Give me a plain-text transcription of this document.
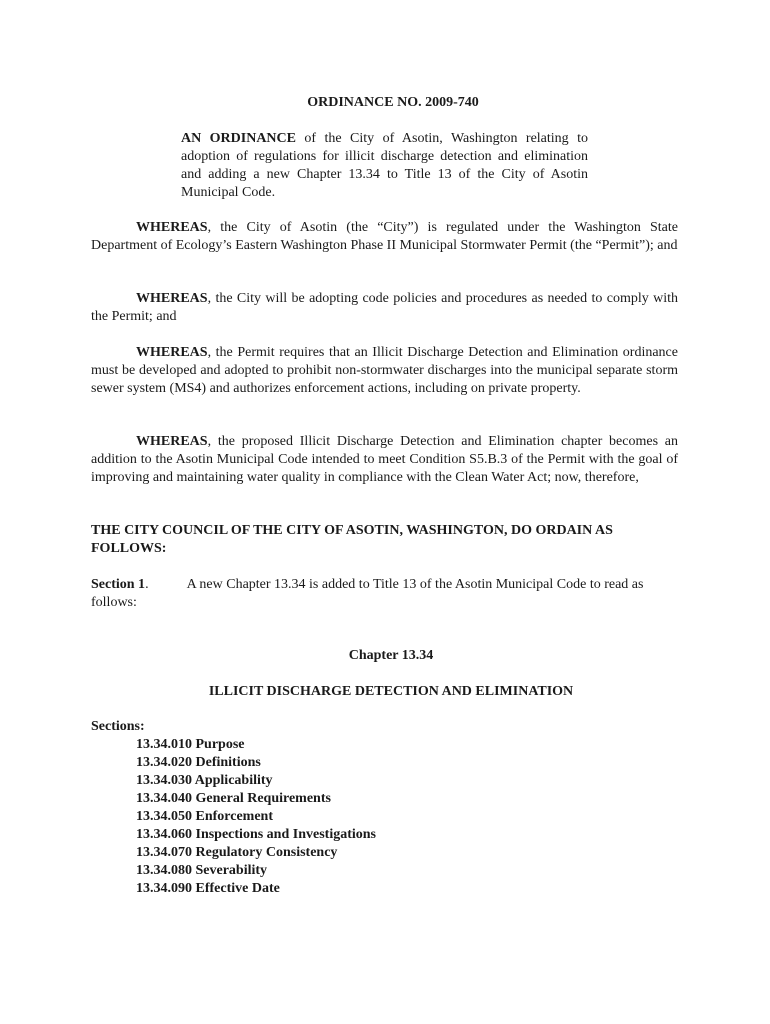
ORDINANCE NO. 2009-740
AN ORDINANCE of the City of Asotin, Washington relating to adoption of regulations for illicit discharge detection and elimination and adding a new Chapter 13.34 to Title 13 of the City of Asotin Municipal Code.
WHEREAS, the City of Asotin (the “City”) is regulated under the Washington State Department of Ecology’s Eastern Washington Phase II Municipal Stormwater Permit (the “Permit”); and
WHEREAS, the City will be adopting code policies and procedures as needed to comply with the Permit; and
WHEREAS, the Permit requires that an Illicit Discharge Detection and Elimination ordinance must be developed and adopted to prohibit non-stormwater discharges into the municipal separate storm sewer system (MS4) and authorizes enforcement actions, including on private property.
WHEREAS, the proposed Illicit Discharge Detection and Elimination chapter becomes an addition to the Asotin Municipal Code intended to meet Condition S5.B.3 of the Permit with the goal of improving and maintaining water quality in compliance with the Clean Water Act; now, therefore,
THE CITY COUNCIL OF THE CITY OF ASOTIN, WASHINGTON, DO ORDAIN AS FOLLOWS:
Section 1.	A new Chapter 13.34 is added to Title 13 of the Asotin Municipal Code to read as follows:
Chapter 13.34
ILLICIT DISCHARGE DETECTION AND ELIMINATION
Sections:
13.34.010 Purpose
13.34.020 Definitions
13.34.030 Applicability
13.34.040 General Requirements
13.34.050 Enforcement
13.34.060 Inspections and Investigations
13.34.070 Regulatory Consistency
13.34.080 Severability
13.34.090 Effective Date
